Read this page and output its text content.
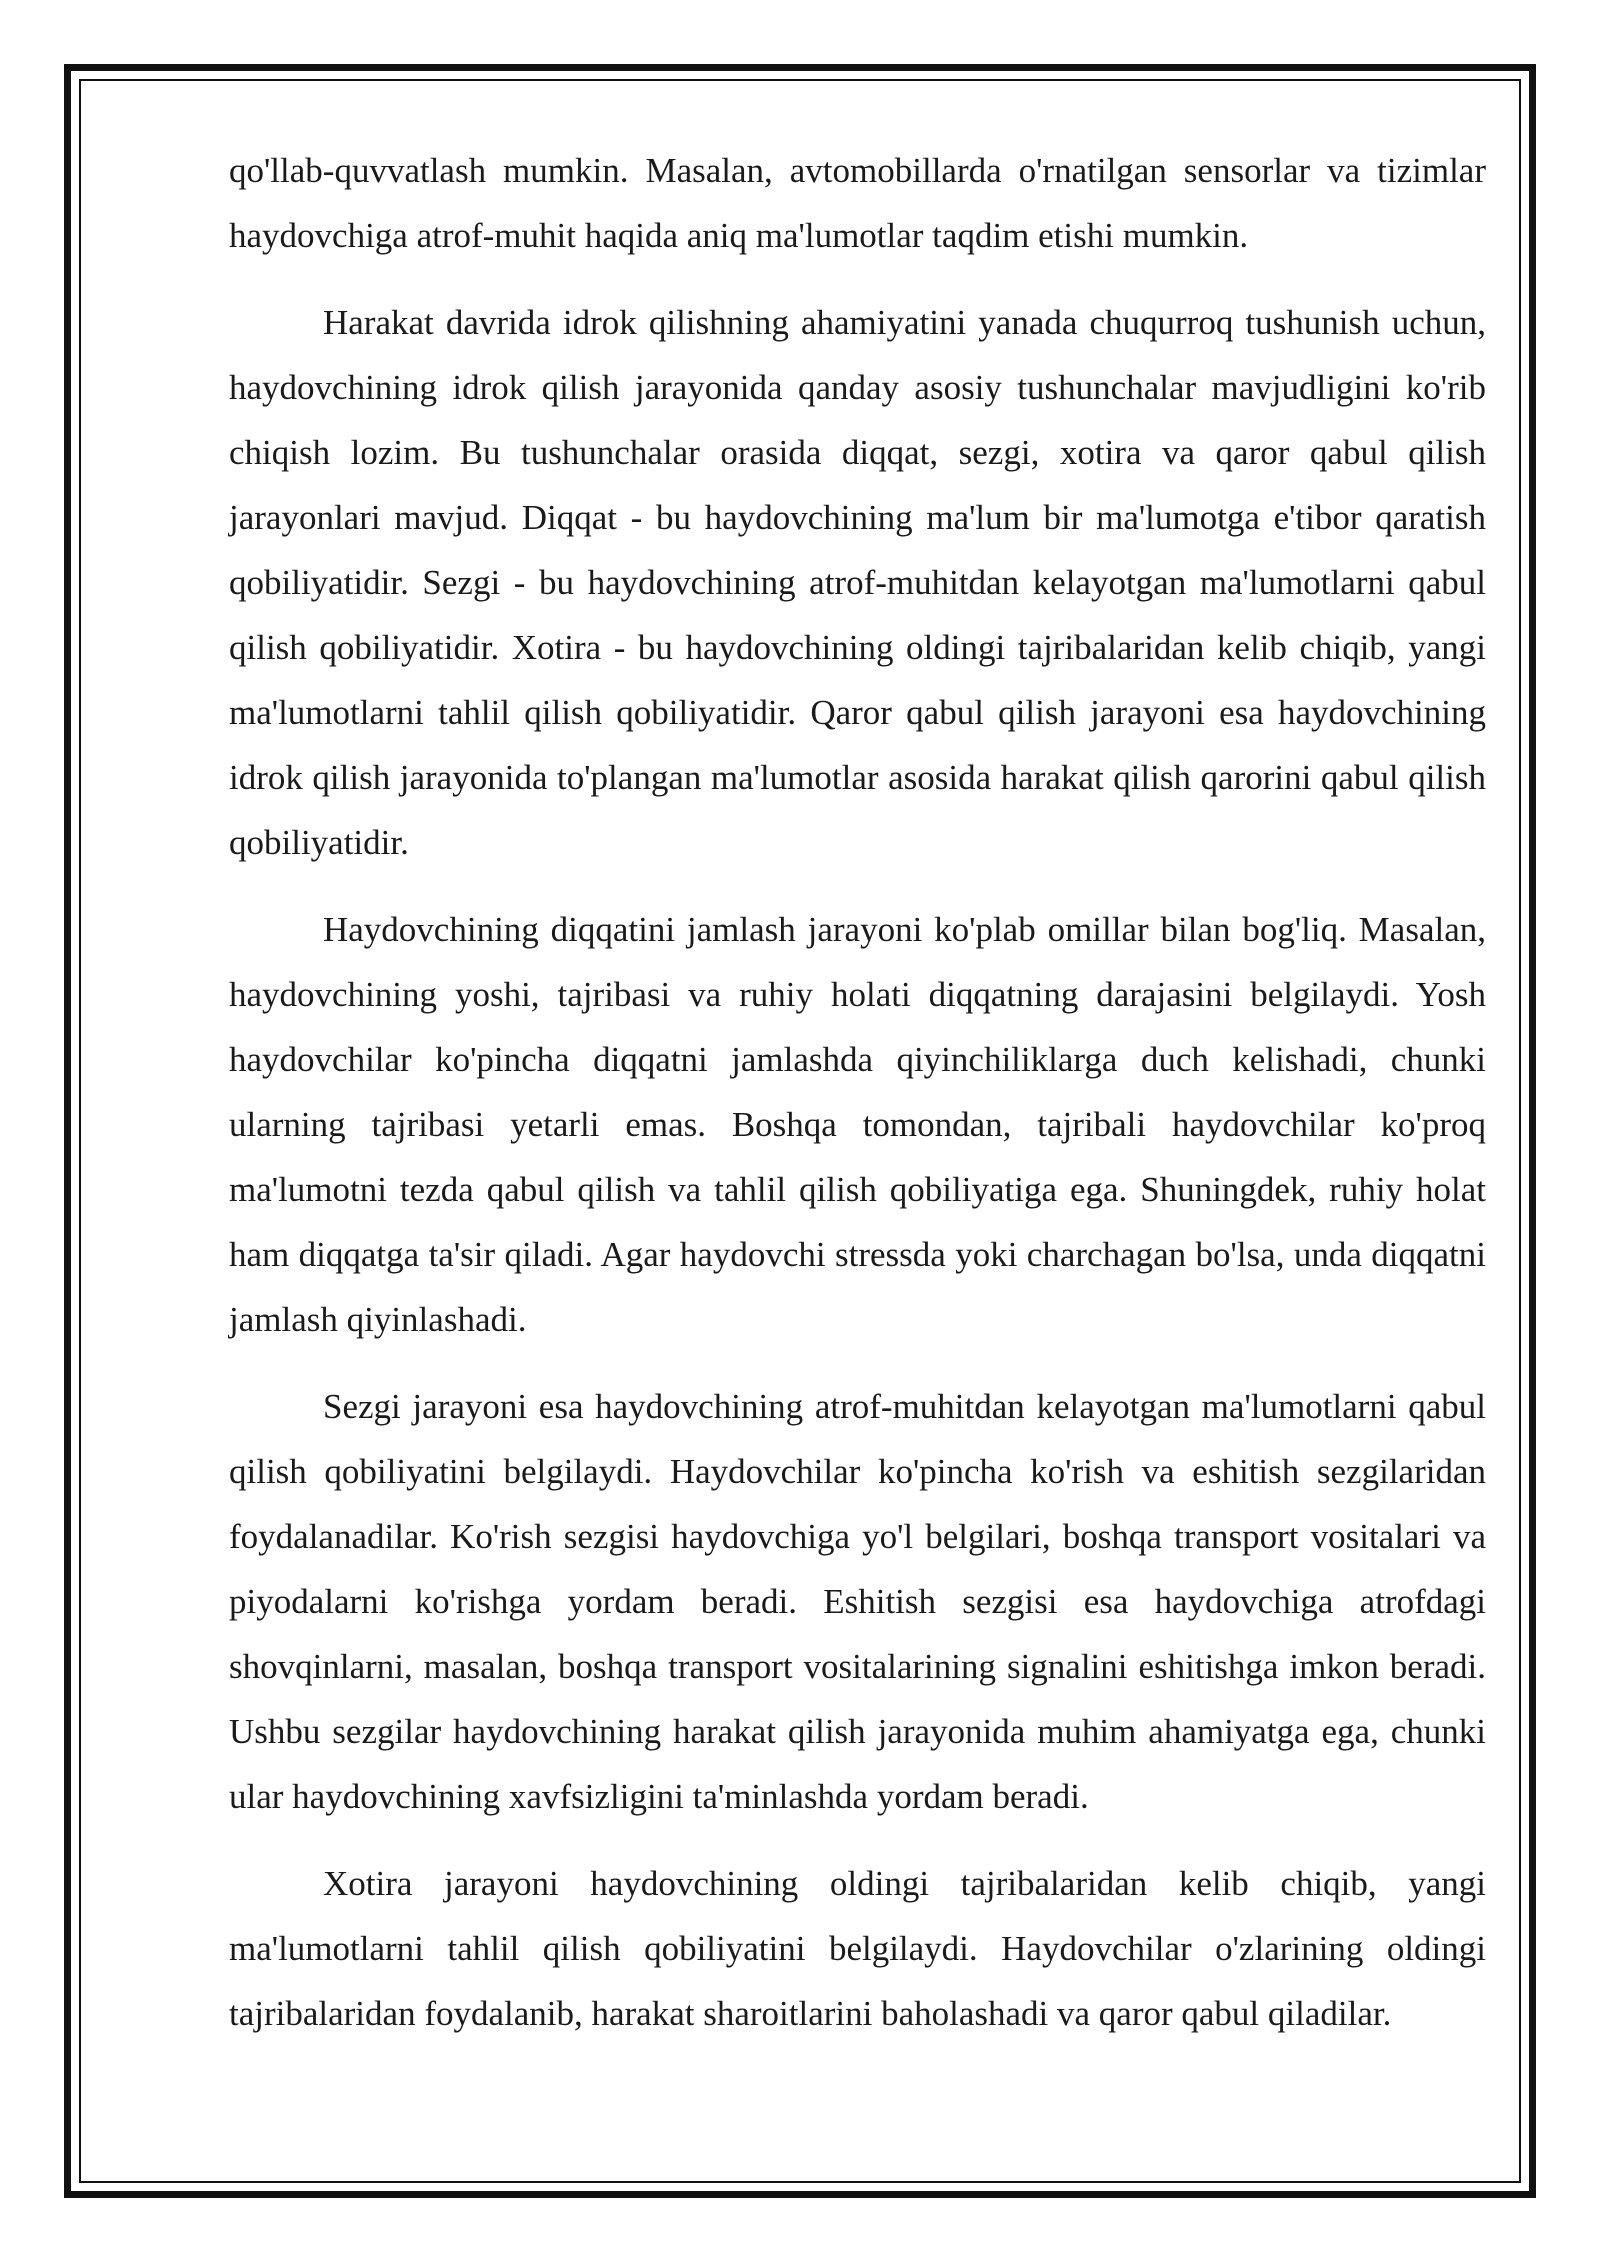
qo'llab-quvvatlash mumkin. Masalan, avtomobillarda o'rnatilgan sensorlar va tizimlar haydovchiga atrof-muhit haqida aniq ma'lumotlar taqdim etishi mumkin.

Harakat davrida idrok qilishning ahamiyatini yanada chuqurroq tushunish uchun, haydovchining idrok qilish jarayonida qanday asosiy tushunchalar mavjudligini ko'rib chiqish lozim. Bu tushunchalar orasida diqqat, sezgi, xotira va qaror qabul qilish jarayonlari mavjud. Diqqat - bu haydovchining ma'lum bir ma'lumotga e'tibor qaratish qobiliyatidir. Sezgi - bu haydovchining atrof-muhitdan kelayotgan ma'lumotlarni qabul qilish qobiliyatidir. Xotira - bu haydovchining oldingi tajribalaridan kelib chiqib, yangi ma'lumotlarni tahlil qilish qobiliyatidir. Qaror qabul qilish jarayoni esa haydovchining idrok qilish jarayonida to'plangan ma'lumotlar asosida harakat qilish qarorini qabul qilish qobiliyatidir.

Haydovchining diqqatini jamlash jarayoni ko'plab omillar bilan bog'liq. Masalan, haydovchining yoshi, tajribasi va ruhiy holati diqqatning darajasini belgilaydi. Yosh haydovchilar ko'pincha diqqatni jamlashda qiyinchiliklarga duch kelishadi, chunki ularning tajribasi yetarli emas. Boshqa tomondan, tajribali haydovchilar ko'proq ma'lumotni tezda qabul qilish va tahlil qilish qobiliyatiga ega. Shuningdek, ruhiy holat ham diqqatga ta'sir qiladi. Agar haydovchi stressda yoki charchagan bo'lsa, unda diqqatni jamlash qiyinlashadi.

Sezgi jarayoni esa haydovchining atrof-muhitdan kelayotgan ma'lumotlarni qabul qilish qobiliyatini belgilaydi. Haydovchilar ko'pincha ko'rish va eshitish sezgilaridan foydalanadilar. Ko'rish sezgisi haydovchiga yo'l belgilari, boshqa transport vositalari va piyodalarni ko'rishga yordam beradi. Eshitish sezgisi esa haydovchiga atrofdagi shovqinlarni, masalan, boshqa transport vositalarining signalini eshitishga imkon beradi. Ushbu sezgilar haydovchining harakat qilish jarayonida muhim ahamiyatga ega, chunki ular haydovchining xavfsizligini ta'minlashda yordam beradi.

Xotira jarayoni haydovchining oldingi tajribalaridan kelib chiqib, yangi ma'lumotlarni tahlil qilish qobiliyatini belgilaydi. Haydovchilar o'zlarining oldingi tajribalaridan foydalanib, harakat sharoitlarini baholashadi va qaror qabul qiladilar.
